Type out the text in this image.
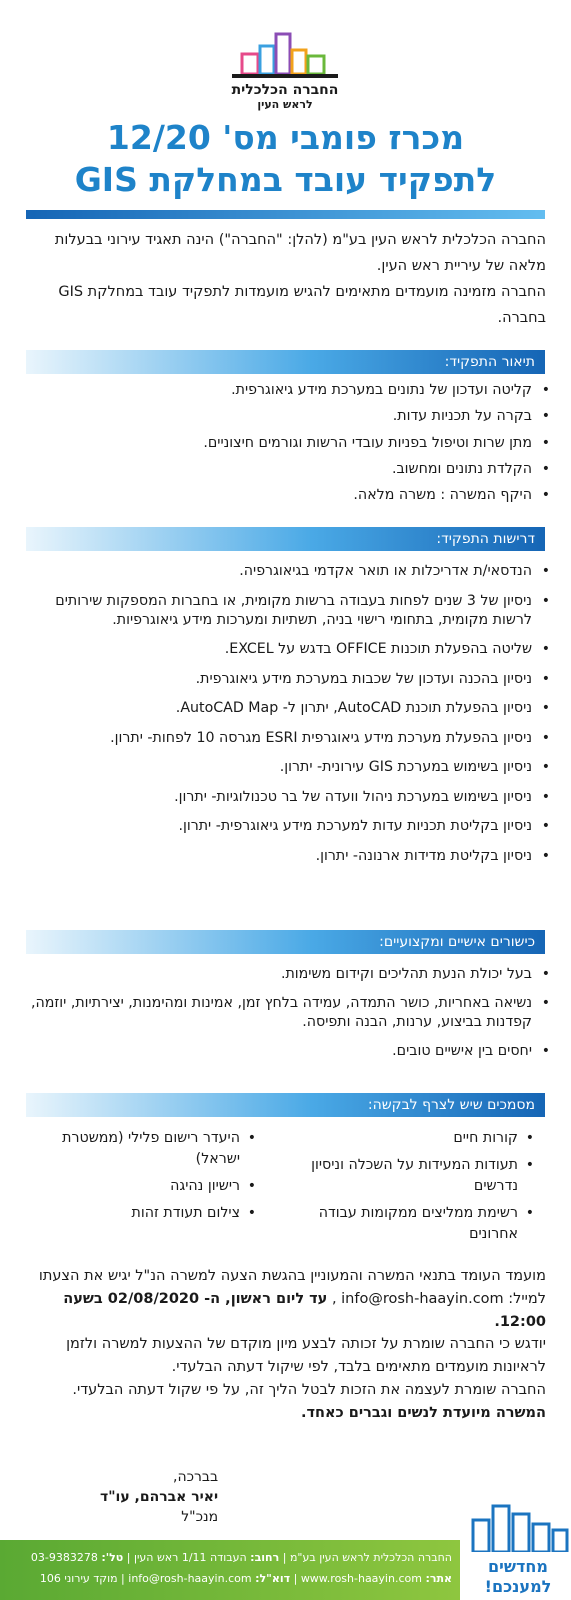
החברה הכלכלית
לראש העין
מכרז פומבי מס' 12/20
לתפקיד עובד במחלקת GIS
החברה הכלכלית לראש העין בע"מ (להלן: "החברה") הינה תאגיד עירוני בבעלות מלאה של עיריית ראש העין.
החברה מזמינה מועמדים מתאימים להגיש מועמדות לתפקיד עובד במחלקת GIS בחברה.
תיאור התפקיד:
• קליטה ועדכון של נתונים במערכת מידע גיאוגרפית.
• בקרה על תכניות עדות.
• מתן שרות וטיפול בפניות עובדי הרשות וגורמים חיצוניים.
• הקלדת נתונים ומחשוב.
• היקף המשרה : משרה מלאה.
דרישות התפקיד:
• הנדסאי/ת אדריכלות או תואר אקדמי בגיאוגרפיה.
• ניסיון של 3 שנים לפחות בעבודה ברשות מקומית, או בחברות המספקות שירותים לרשות מקומית, בתחומי רישוי בניה, תשתיות ומערכות מידע גיאוגרפיות.
• שליטה בהפעלת תוכנות OFFICE בדגש על EXCEL.
• ניסיון בהכנה ועדכון של שכבות במערכת מידע גיאוגרפית.
• ניסיון בהפעלת תוכנת AutoCAD, יתרון ל- AutoCAD Map.
• ניסיון בהפעלת מערכת מידע גיאוגרפית ESRI מגרסה 10 לפחות- יתרון.
• ניסיון בשימוש במערכת GIS עירונית- יתרון.
• ניסיון בשימוש במערכת ניהול וועדה של בר טכנולוגיות- יתרון.
• ניסיון בקליטת תכניות עדות למערכת מידע גיאוגרפית- יתרון.
• ניסיון בקליטת מדידות ארנונה- יתרון.
כישורים אישיים ומקצועיים:
• בעל יכולת הנעת תהליכים וקידום משימות.
• נשיאה באחריות, כושר התמדה, עמידה בלחץ זמן, אמינות ומהימנות, יצירתיות, יוזמה, קפדנות בביצוע, ערנות, הבנה ותפיסה.
• יחסים בין אישיים טובים.
מסמכים שיש לצרף לבקשה:
• קורות חיים
• תעודות המעידות על השכלה וניסיון נדרשים
• רשימת ממליצים ממקומות עבודה אחרונים
• היעדר רישום פלילי (ממשטרת ישראל)
• רישיון נהיגה
• צילום תעודת זהות
מועמד העומד בתנאי המשרה והמעוניין בהגשת הצעה למשרה הנ"ל יגיש את הצעתו למייל: info@rosh-haayin.com , עד ליום ראשון, ה- 02/08/2020 בשעה 12:00.
יודגש כי החברה שומרת על זכותה לבצע מיון מוקדם של ההצעות למשרה ולזמן לראיונות מועמדים מתאימים בלבד, לפי שיקול דעתה הבלעדי.
החברה שומרת לעצמה את הזכות לבטל הליך זה, על פי שקול דעתה הבלעדי.
המשרה מיועדת לנשים וגברים כאחד.
בברכה,
יאיר אברהם, עו"ד
מנכ"ל
החברה הכלכלית לראש העין בע"מ | רחוב: העבודה 1/11 ראש העין | טל': 03-9383278
אתר: www.rosh-haayin.com | דוא"ל: info@rosh-haayin.com | מוקד עירוני 106
מחדשים
למענכם!
